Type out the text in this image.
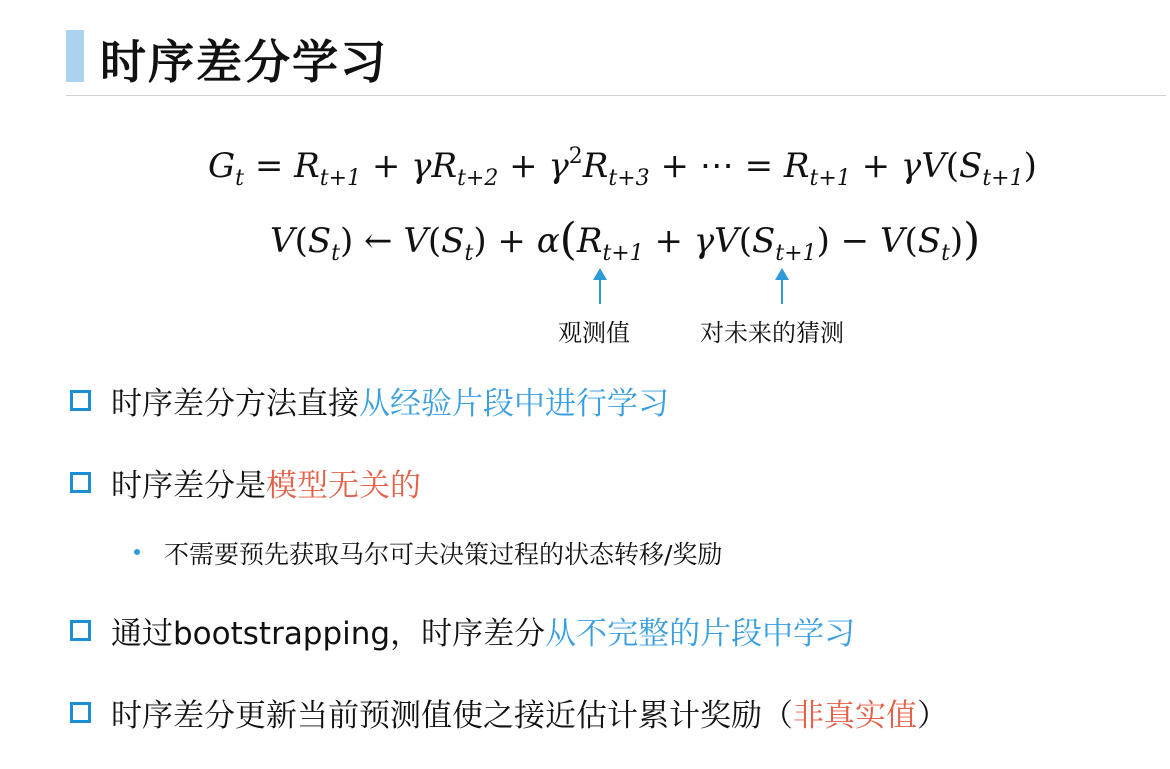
时序差分学习
$G_t = R_{t+1} + \gamma R_{t+2} + \gamma^2R_{t+3}$ + ⋯ = $R_{t+1} + \gamma V(S_{t+1})$
$V(S_t)$ ← $V(S_t) + \alpha(R_{t+1} + \gamma V(S_{t+1}) - V(S_t))$
观测值	对未来的猜测
时序差分方法直接从经验片段中进行学习
时序差分是模型无关的
不需要预先获取马尔可夫决策过程的状态转移/奖励
通过bootstrapping，时序差分从不完整的片段中学习
时序差分更新当前预测值使之接近估计累计奖励（非真实值）
